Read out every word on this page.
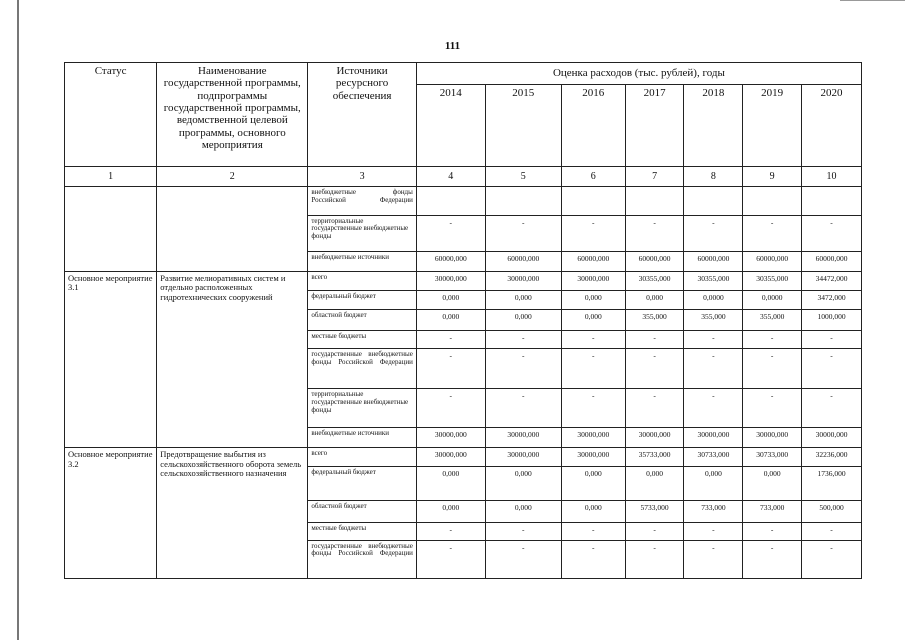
111
Статус	Наименование государственной программы, подпрограммы государственной программы, ведомственной целевой программы, основного мероприятия	Источники ресурсного обеспечения	Оценка расходов (тыс. рублей), годы						
			2014	2015	2016	2017	2018	2019	2020
1	2	3	4	5	6	7	8	9	10
		внебюджетные фонды Российской Федерации							
		территориальные государственные внебюджетные фонды	-	-	-	-	-	-	-
		внебюджетные источники	60000,000	60000,000	60000,000	60000,000	60000,000	60000,000	60000,000
Основное мероприятие 3.1	Развитие мелиоративных систем и отдельно расположенных гидротехнических сооружений	всего	30000,000	30000,000	30000,000	30355,000	30355,000	30355,000	34472,000
		федеральный бюджет	0,000	0,000	0,000	0,000	0,0000	0,0000	3472,000
		областной бюджет	0,000	0,000	0,000	355,000	355,000	355,000	1000,000
		местные бюджеты	-	-	-	-	-	-	-
		государственные внебюджетные фонды Российской Федерации	-	-	-	-	-	-	-
		территориальные государственные внебюджетные фонды	-	-	-	-	-	-	-
		внебюджетные источники	30000,000	30000,000	30000,000	30000,000	30000,000	30000,000	30000,000
Основное мероприятие 3.2	Предотвращение выбытия из сельскохозяйственного оборота земель сельскохозяйственного назначения	всего	30000,000	30000,000	30000,000	35733,000	30733,000	30733,000	32236,000
		федеральный бюджет	0,000	0,000	0,000	0,000	0,000	0,000	1736,000
		областной бюджет	0,000	0,000	0,000	5733,000	733,000	733,000	500,000
		местные бюджеты	-	-	-	-	-	-	-
		государственные внебюджетные фонды Российской Федерации	-	-	-	-	-	-	-
